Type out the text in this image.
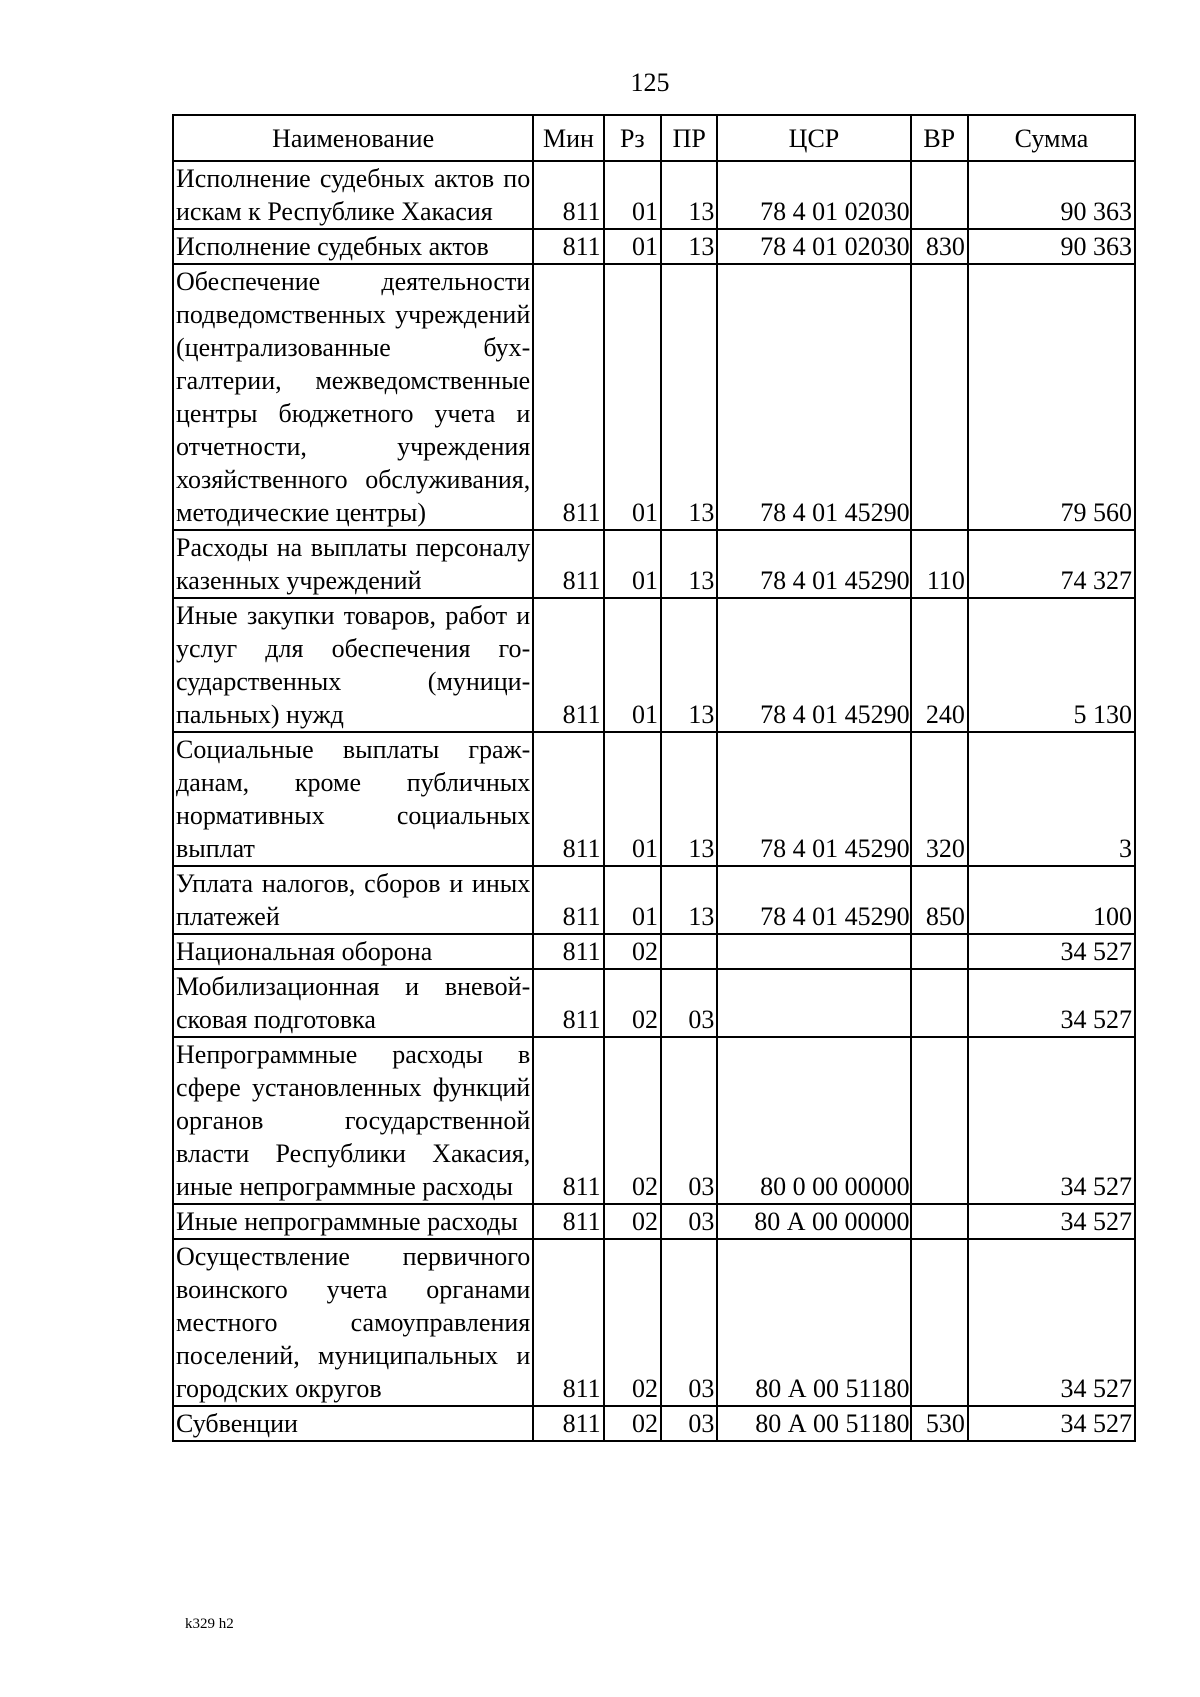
125
Наименование	Мин	Рз	ПР	ЦСР	ВР	Сумма
Исполнение судебных актов по искам к Республике Хакасия	811	01	13	78 4 01 02030		90 363
Исполнение судебных актов	811	01	13	78 4 01 02030	830	90 363
Обеспечение деятельности подведомственных учреждений (централизованные бухгалтерии, межведомственные центры бюджетного учета и отчетности, учреждения хозяйственного обслуживания, методические центры)	811	01	13	78 4 01 45290		79 560
Расходы на выплаты персоналу казенных учреждений	811	01	13	78 4 01 45290	110	74 327
Иные закупки товаров, работ и услуг для обеспечения государственных (муниципальных) нужд	811	01	13	78 4 01 45290	240	5 130
Социальные выплаты гражданам, кроме публичных нормативных социальных выплат	811	01	13	78 4 01 45290	320	3
Уплата налогов, сборов и иных платежей	811	01	13	78 4 01 45290	850	100
Национальная оборона	811	02				34 527
Мобилизационная и вневойсковая подготовка	811	02	03			34 527
Непрограммные расходы в сфере установленных функций органов государственной власти Республики Хакасия, иные непрограммные расходы	811	02	03	80 0 00 00000		34 527
Иные непрограммные расходы	811	02	03	80 А 00 00000		34 527
Осуществление первичного воинского учета органами местного самоуправления поселений, муниципальных и городских округов	811	02	03	80 А 00 51180		34 527
Субвенции	811	02	03	80 А 00 51180	530	34 527
k329 h2
